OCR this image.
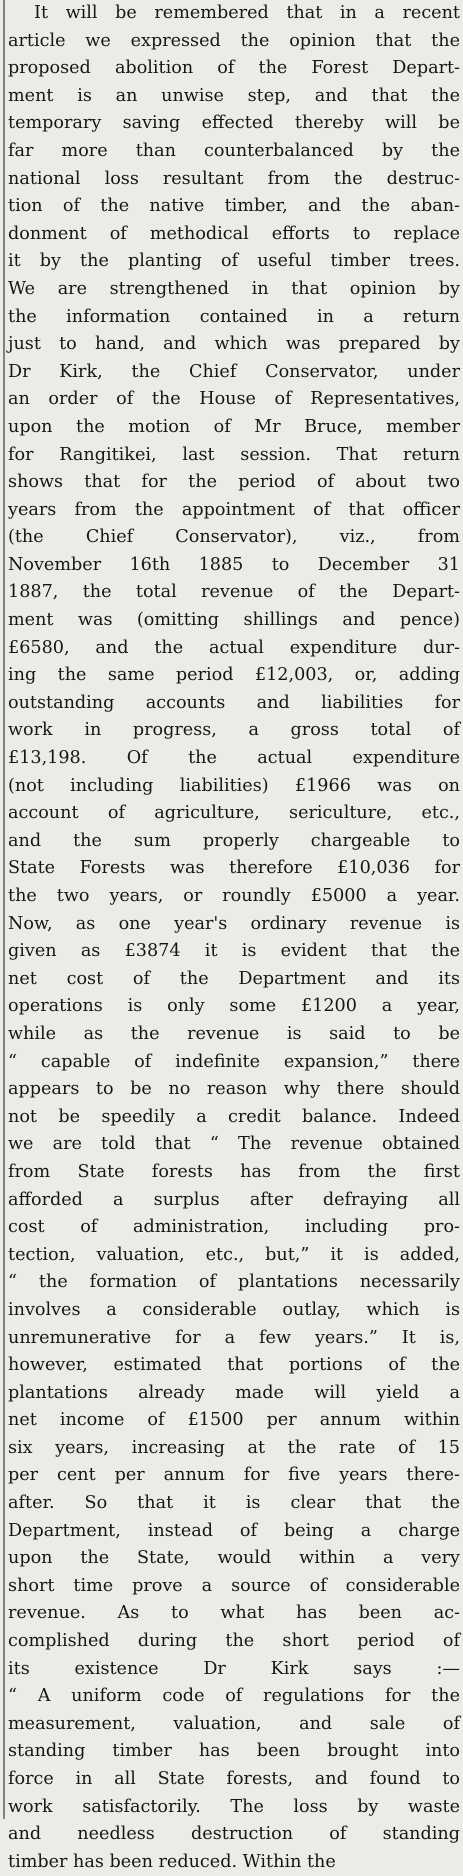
It will be remembered that in a recent
article we expressed the opinion that the
proposed abolition of the Forest Depart-
ment is an unwise step, and that the
temporary saving effected thereby will be
far more than counterbalanced by the
national loss resultant from the destruc-
tion of the native timber, and the aban-
donment of methodical efforts to replace
it by the planting of useful timber trees.
We are strengthened in that opinion by
the information contained in a return
just to hand, and which was prepared by
Dr Kirk, the Chief Conservator, under
an order of the House of Representatives,
upon the motion of Mr Bruce, member
for Rangitikei, last session. That return
shows that for the period of about two
years from the appointment of that officer
(the Chief Conservator), viz., from
November 16th 1885 to December 31
1887, the total revenue of the Depart-
ment was (omitting shillings and pence)
£6580, and the actual expenditure dur-
ing the same period £12,003, or, adding
outstanding accounts and liabilities for
work in progress, a gross total of
£13,198. Of the actual expenditure
(not including liabilities) £1966 was on
account of agriculture, sericulture, etc.,
and the sum properly chargeable to
State Forests was therefore £10,036 for
the two years, or roundly £5000 a year.
Now, as one year's ordinary revenue is
given as £3874 it is evident that the
net cost of the Department and its
operations is only some £1200 a year,
while as the revenue is said to be
“ capable of indefinite expansion,” there
appears to be no reason why there should
not be speedily a credit balance. Indeed
we are told that “ The revenue obtained
from State forests has from the first
afforded a surplus after defraying all
cost of administration, including pro-
tection, valuation, etc., but,” it is added,
“ the formation of plantations necessarily
involves a considerable outlay, which is
unremunerative for a few years.” It is,
however, estimated that portions of the
plantations already made will yield a
net income of £1500 per annum within
six years, increasing at the rate of 15
per cent per annum for five years there-
after. So that it is clear that the
Department, instead of being a charge
upon the State, would within a very
short time prove a source of considerable
revenue. As to what has been ac-
complished during the short period of
its existence Dr Kirk says :—
“ A uniform code of regulations for the
measurement, valuation, and sale of
standing timber has been brought into
force in all State forests, and found to
work satisfactorily. The loss by waste
and needless destruction of standing
timber has been reduced. Within the
